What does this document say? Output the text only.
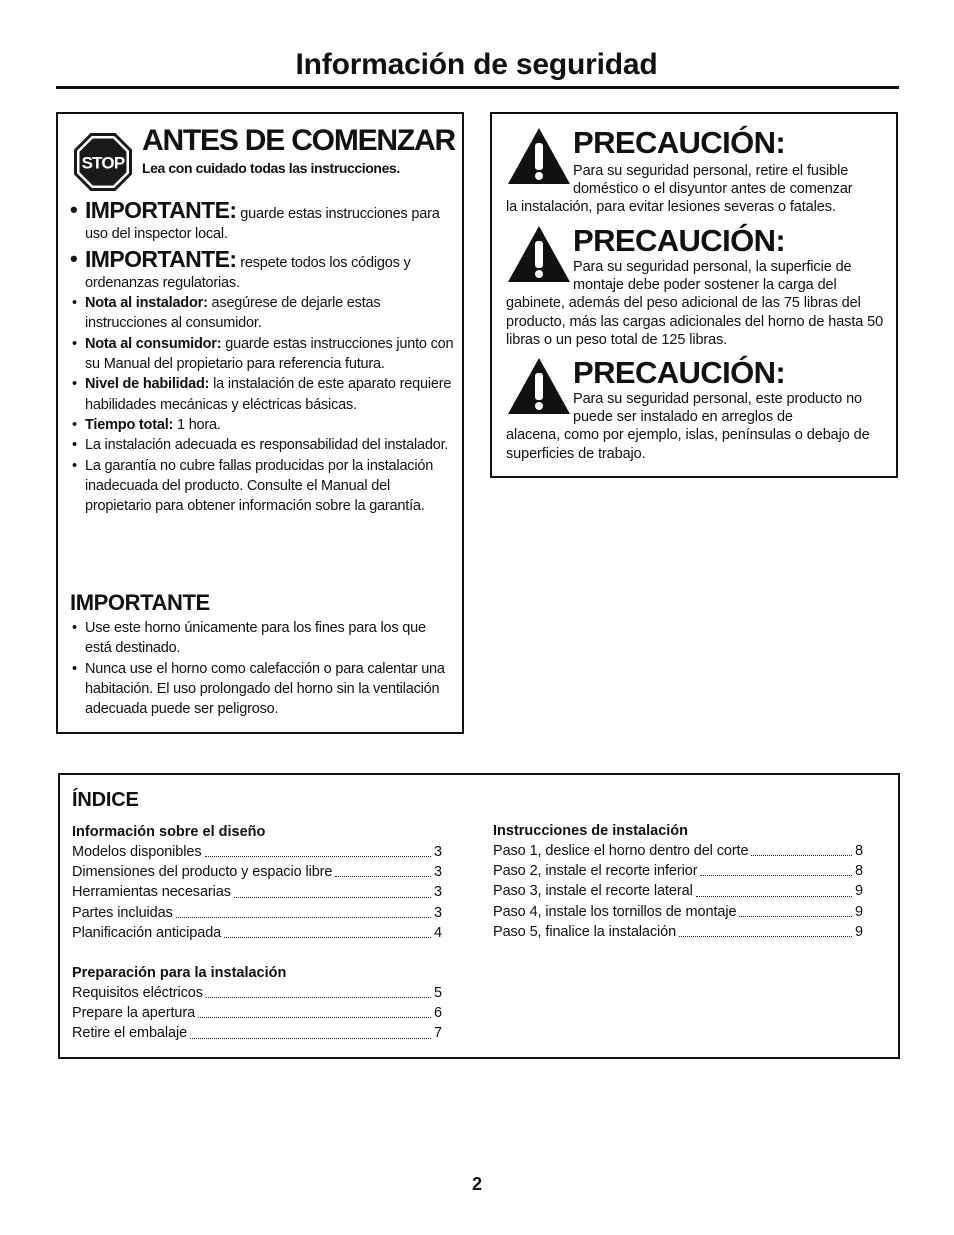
Información de seguridad
STOP
ANTES DE COMENZAR
Lea con cuidado todas las instrucciones.
• IMPORTANTE: guarde estas instrucciones para uso del inspector local.
• IMPORTANTE: respete todos los códigos y ordenanzas regulatorias.
• Nota al instalador: asegúrese de dejarle estas instrucciones al consumidor.
• Nota al consumidor: guarde estas instrucciones junto con su Manual del propietario para referencia futura.
• Nivel de habilidad: la instalación de este aparato requiere habilidades mecánicas y eléctricas básicas.
• Tiempo total: 1 hora.
• La instalación adecuada es responsabilidad del instalador.
• La garantía no cubre fallas producidas por la instalación inadecuada del producto. Consulte el Manual del propietario para obtener información sobre la garantía.
IMPORTANTE
• Use este horno únicamente para los fines para los que está destinado.
• Nunca use el horno como calefacción o para calentar una habitación. El uso prolongado del horno sin la ventilación adecuada puede ser peligroso.
PRECAUCIÓN:
Para su seguridad personal, retire el fusible doméstico o el disyuntor antes de comenzar
la instalación, para evitar lesiones severas o fatales.
PRECAUCIÓN:
Para su seguridad personal, la superficie de montaje debe poder sostener la carga del
gabinete, además del peso adicional de las 75 libras del producto, más las cargas adicionales del horno de hasta 50 libras o un peso total de 125 libras.
PRECAUCIÓN:
Para su seguridad personal, este producto no puede ser instalado en arreglos de
alacena, como por ejemplo, islas, penínsulas o debajo de superficies de trabajo.
ÍNDICE
Información sobre el diseño
Modelos disponibles	3
Dimensiones del producto y espacio libre	3
Herramientas necesarias	3
Partes incluidas	3
Planificación anticipada	4
Preparación para la instalación
Requisitos eléctricos	5
Prepare la apertura	6
Retire el embalaje	7
Instrucciones de instalación
Paso 1, deslice el horno dentro del corte	8
Paso 2, instale el recorte inferior	8
Paso 3, instale el recorte lateral	9
Paso 4, instale los tornillos de montaje	9
Paso 5, finalice la instalación	9
2
